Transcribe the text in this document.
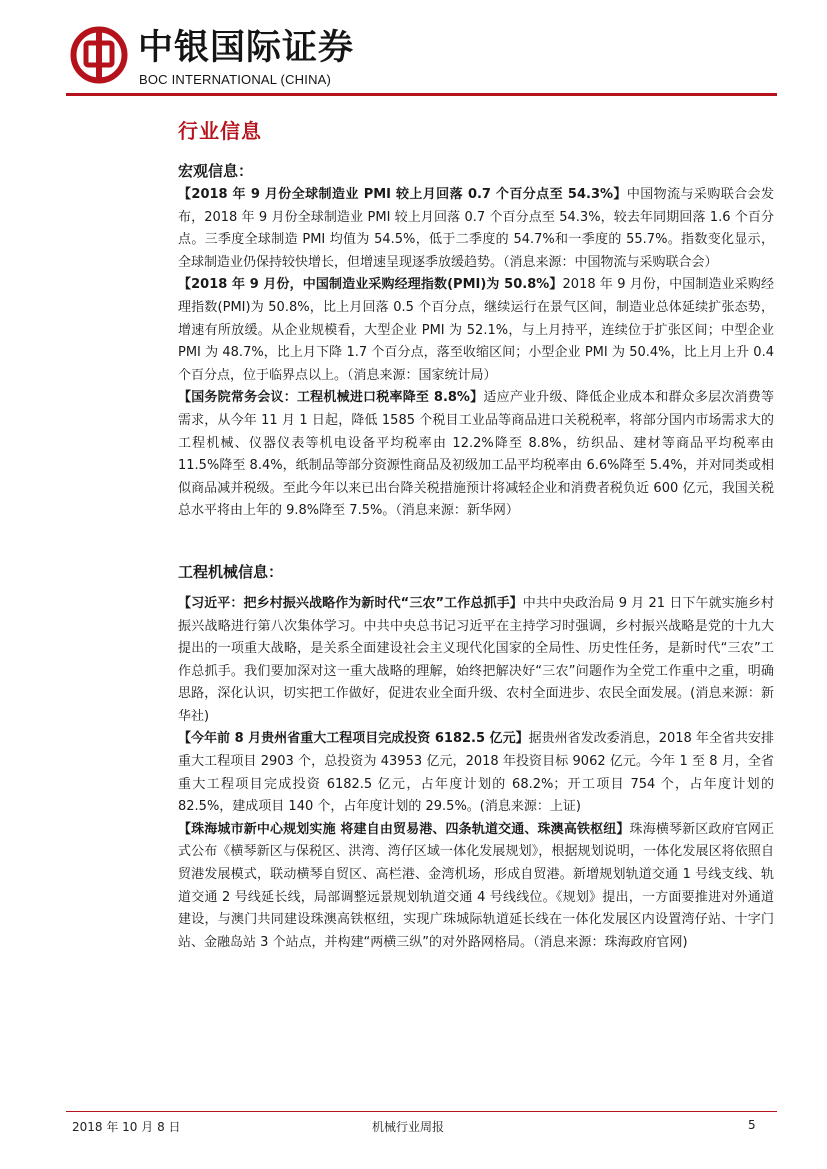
中银国际证券
BOC INTERNATIONAL (CHINA)
行业信息
宏观信息：

【2018 年 9 月份全球制造业 PMI 较上月回落 0.7 个百分点至 54.3%】中国物流与采购联合会发布，2018 年 9 月份全球制造业 PMI 较上月回落 0.7 个百分点至 54.3%，较去年同期回落 1.6 个百分点。三季度全球制造 PMI 均值为 54.5%，低于二季度的 54.7%和一季度的 55.7%。指数变化显示，全球制造业仍保持较快增长，但增速呈现逐季放缓趋势。（消息来源：中国物流与采购联合会）

【2018 年 9 月份，中国制造业采购经理指数(PMI)为 50.8%】2018 年 9 月份，中国制造业采购经理指数(PMI)为 50.8%，比上月回落 0.5 个百分点，继续运行在景气区间，制造业总体延续扩张态势，增速有所放缓。从企业规模看，大型企业 PMI 为 52.1%，与上月持平，连续位于扩张区间；中型企业 PMI 为 48.7%，比上月下降 1.7 个百分点，落至收缩区间；小型企业 PMI 为 50.4%，比上月上升 0.4 个百分点，位于临界点以上。（消息来源：国家统计局）

【国务院常务会议：工程机械进口税率降至 8.8%】适应产业升级、降低企业成本和群众多层次消费等需求，从今年 11 月 1 日起，降低 1585 个税目工业品等商品进口关税税率，将部分国内市场需求大的工程机械、仪器仪表等机电设备平均税率由 12.2%降至 8.8%，纺织品、建材等商品平均税率由 11.5%降至 8.4%，纸制品等部分资源性商品及初级加工品平均税率由 6.6%降至 5.4%，并对同类或相似商品减并税级。至此今年以来已出台降关税措施预计将减轻企业和消费者税负近 600 亿元，我国关税总水平将由上年的 9.8%降至 7.5%。（消息来源：新华网）

工程机械信息：

【习近平：把乡村振兴战略作为新时代“三农”工作总抓手】中共中央政治局 9 月 21 日下午就实施乡村振兴战略进行第八次集体学习。中共中央总书记习近平在主持学习时强调，乡村振兴战略是党的十九大提出的一项重大战略，是关系全面建设社会主义现代化国家的全局性、历史性任务，是新时代“三农”工作总抓手。我们要加深对这一重大战略的理解，始终把解决好“三农”问题作为全党工作重中之重，明确思路，深化认识，切实把工作做好，促进农业全面升级、农村全面进步、农民全面发展。(消息来源：新华社)

【今年前 8 月贵州省重大工程项目完成投资 6182.5 亿元】据贵州省发改委消息，2018 年全省共安排重大工程项目 2903 个，总投资为 43953 亿元，2018 年投资目标 9062 亿元。今年 1 至 8 月，全省重大工程项目完成投资 6182.5 亿元，占年度计划的 68.2%；开工项目 754 个，占年度计划的 82.5%，建成项目 140 个，占年度计划的 29.5%。(消息来源：上证)

【珠海城市新中心规划实施 将建自由贸易港、四条轨道交通、珠澳高铁枢纽】珠海横琴新区政府官网正式公布《横琴新区与保税区、洪湾、湾仔区域一体化发展规划》，根据规划说明，一体化发展区将依照自贸港发展模式，联动横琴自贸区、高栏港、金湾机场，形成自贸港。新增规划轨道交通 1 号线支线、轨道交通 2 号线延长线，局部调整远景规划轨道交通 4 号线线位。《规划》提出，一方面要推进对外通道建设，与澳门共同建设珠澳高铁枢纽，实现广珠城际轨道延长线在一体化发展区内设置湾仔站、十字门站、金融岛站 3 个站点，并构建“两横三纵”的对外路网格局。（消息来源：珠海政府官网)

2018 年 10 月 8 日	机械行业周报	5
